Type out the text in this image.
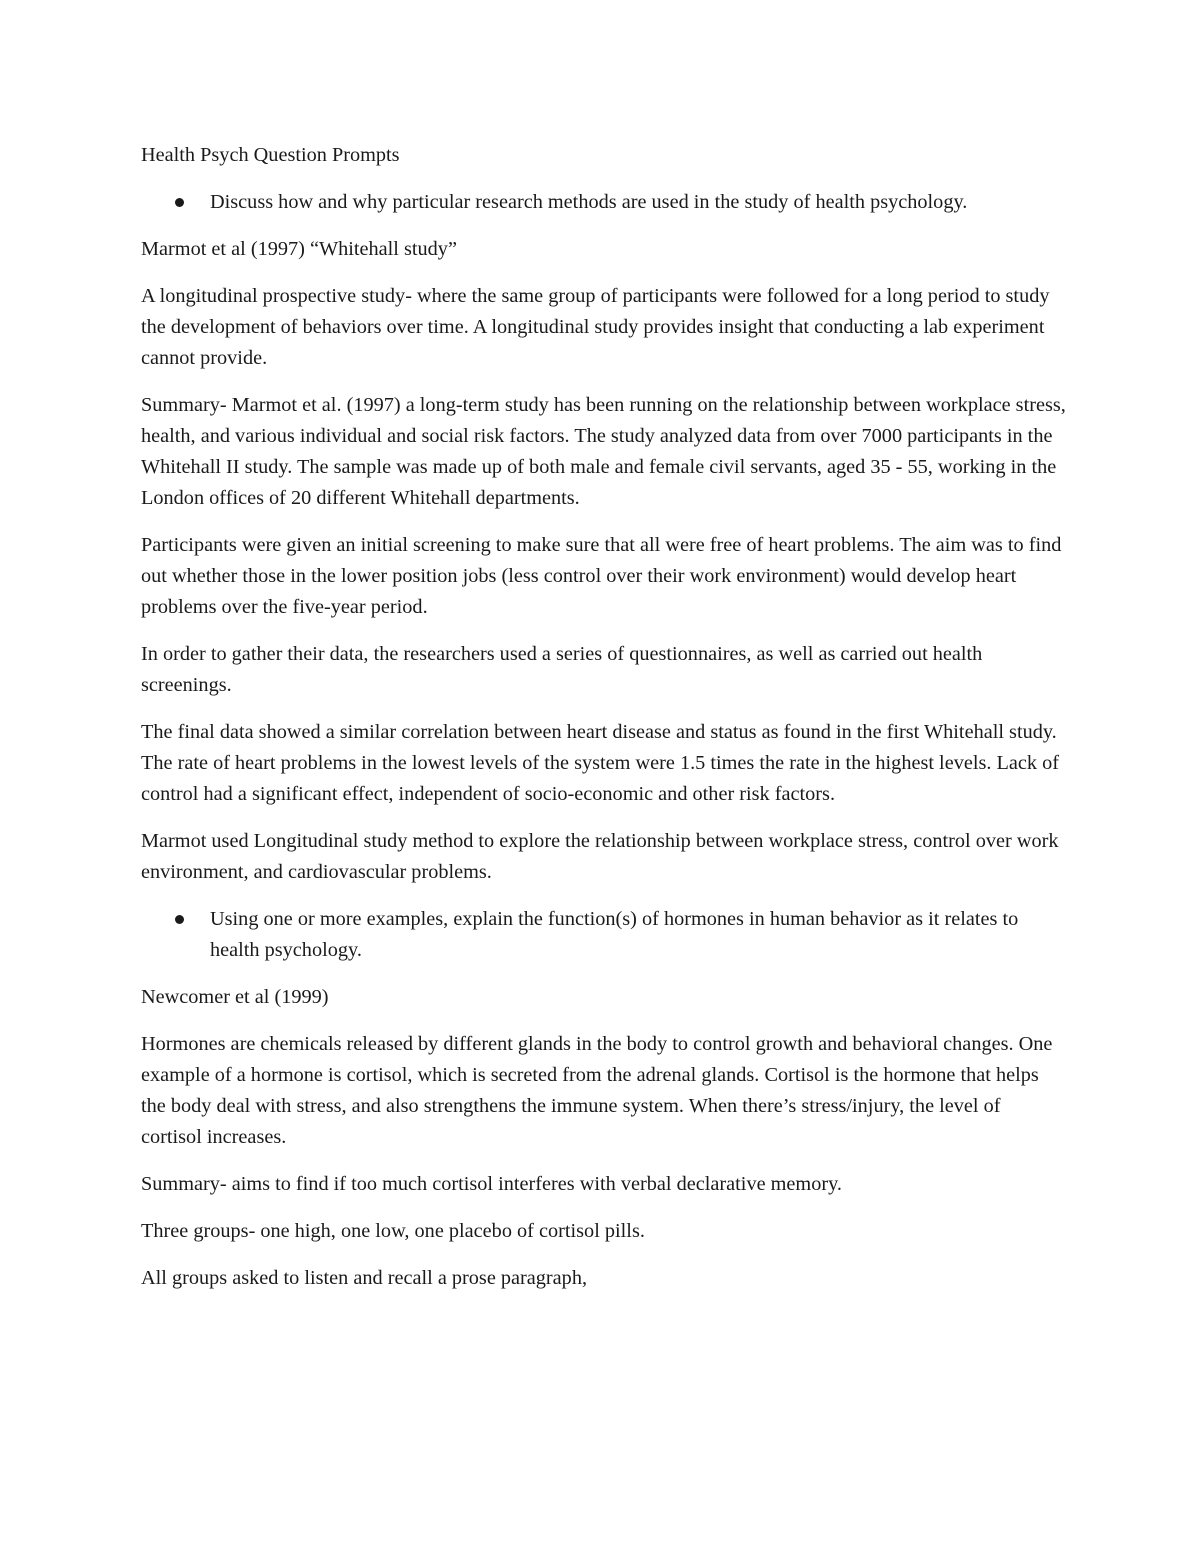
Health Psych Question Prompts

Discuss how and why particular research methods are used in the study of health psychology.

Marmot et al (1997) “Whitehall study”

A longitudinal prospective study- where the same group of participants were followed for a long period to study the development of behaviors over time. A longitudinal study provides insight that conducting a lab experiment cannot provide.

Summary- Marmot et al. (1997) a long-term study has been running on the relationship between workplace stress, health, and various individual and social risk factors. The study analyzed data from over 7000 participants in the Whitehall II study. The sample was made up of both male and female civil servants, aged 35 - 55, working in the London offices of 20 different Whitehall departments.

Participants were given an initial screening to make sure that all were free of heart problems. The aim was to find out whether those in the lower position jobs (less control over their work environment) would develop heart problems over the five-year period.

In order to gather their data, the researchers used a series of questionnaires, as well as carried out health screenings.

The final data showed a similar correlation between heart disease and status as found in the first Whitehall study. The rate of heart problems in the lowest levels of the system were 1.5 times the rate in the highest levels. Lack of control had a significant effect, independent of socio-economic and other risk factors.

Marmot used Longitudinal study method to explore the relationship between workplace stress, control over work environment, and cardiovascular problems.

Using one or more examples, explain the function(s) of hormones in human behavior as it relates to health psychology.

Newcomer et al (1999)

Hormones are chemicals released by different glands in the body to control growth and behavioral changes. One example of a hormone is cortisol, which is secreted from the adrenal glands. Cortisol is the hormone that helps the body deal with stress, and also strengthens the immune system. When there’s stress/injury, the level of cortisol increases.

Summary- aims to find if too much cortisol interferes with verbal declarative memory.

Three groups- one high, one low, one placebo of cortisol pills.

All groups asked to listen and recall a prose paragraph,
